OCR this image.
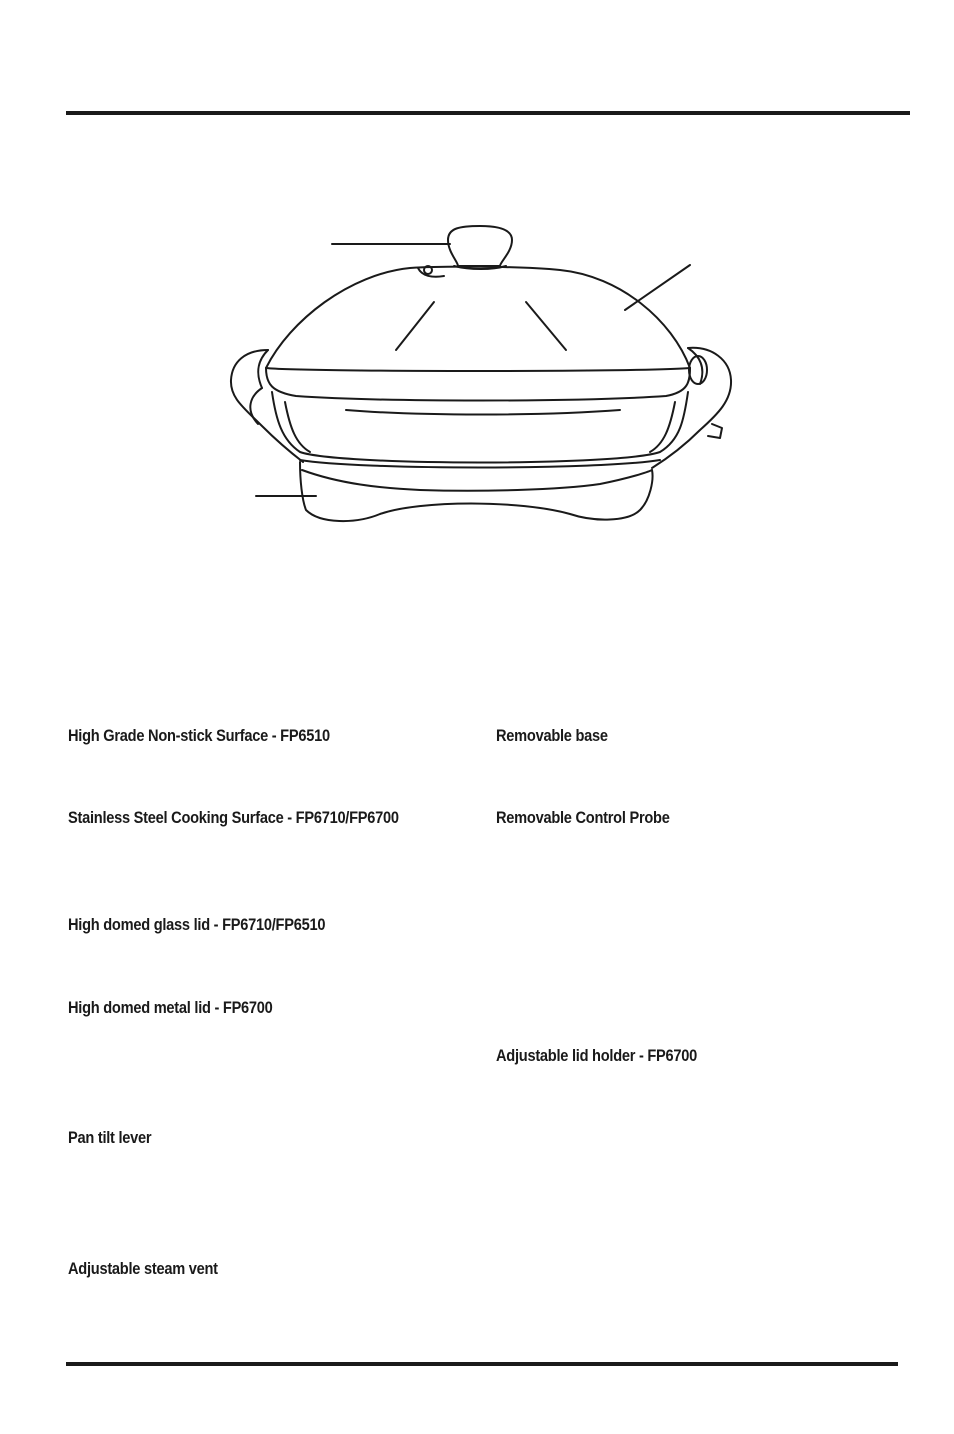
High Grade Non-stick Surface - FP6510	Removable base
Stainless Steel Cooking Surface - FP6710/FP6700	Removable Control Probe
High domed glass lid - FP6710/FP6510
High domed metal lid - FP6700
Adjustable lid holder - FP6700
Pan tilt lever
Adjustable steam vent
